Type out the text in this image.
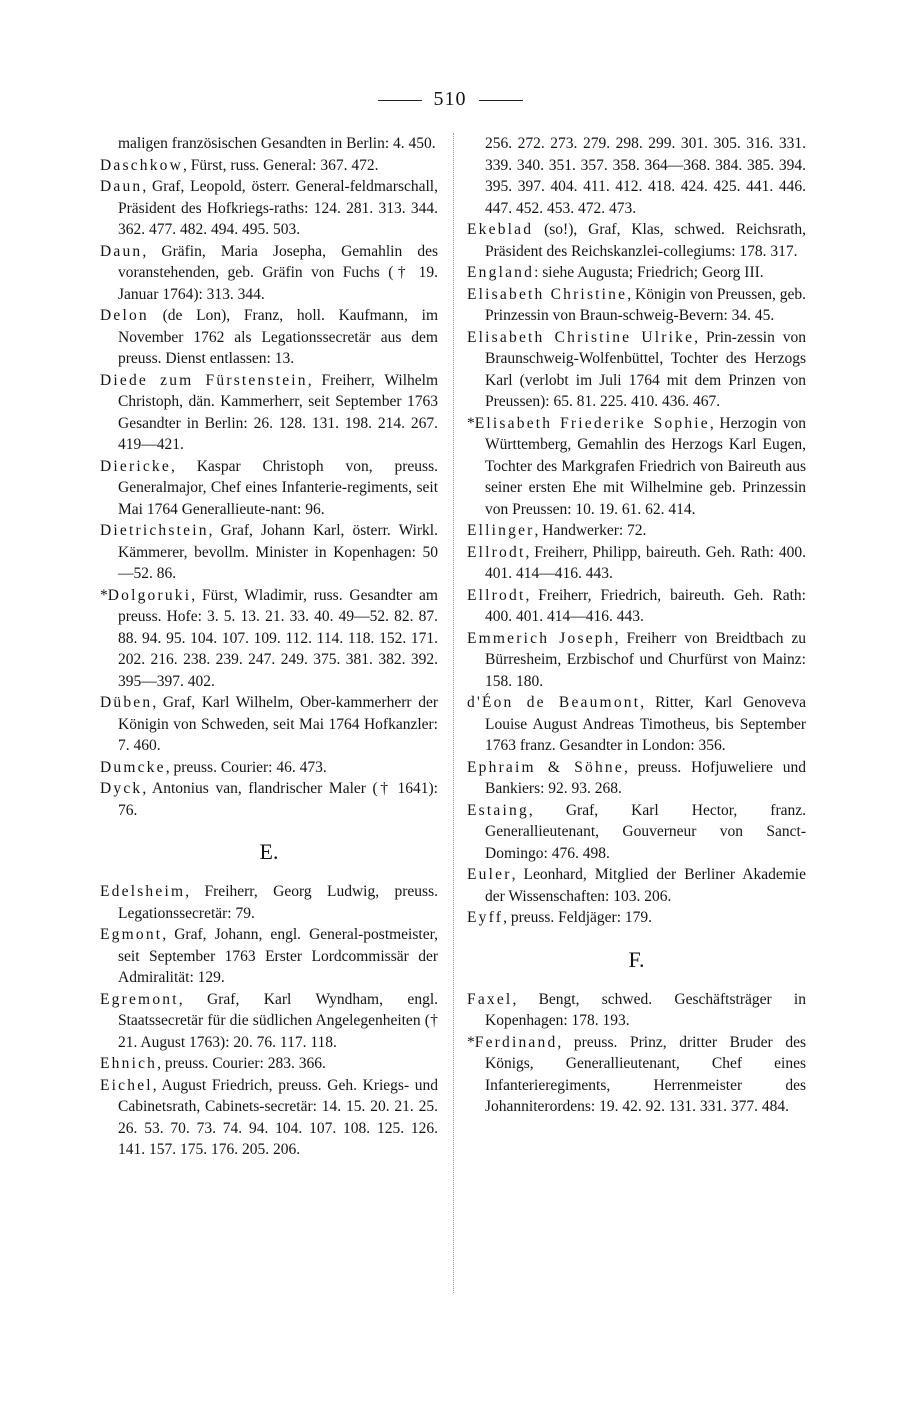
510

maligen französischen Gesandten in Berlin: 4. 450.

Daschkow, Fürst, russ. General: 367. 472.

Daun, Graf, Leopold, österr. General-feldmarschall, Präsident des Hofkriegs-raths: 124. 281. 313. 344. 362. 477. 482. 494. 495. 503.

Daun, Gräfin, Maria Josepha, Gemahlin des voranstehenden, geb. Gräfin von Fuchs († 19. Januar 1764): 313. 344.

Delon (de Lon), Franz, holl. Kaufmann, im November 1762 als Legationssecretär aus dem preuss. Dienst entlassen: 13.

Diede zum Fürstenstein, Freiherr, Wilhelm Christoph, dän. Kammerherr, seit September 1763 Gesandter in Berlin: 26. 128. 131. 198. 214. 267. 419—421.

Diericke, Kaspar Christoph von, preuss. Generalmajor, Chef eines Infanterie-regiments, seit Mai 1764 Generallieute-nant: 96.

Dietrichstein, Graf, Johann Karl, österr. Wirkl. Kämmerer, bevollm. Minister in Kopenhagen: 50—52. 86.

*Dolgoruki, Fürst, Wladimir, russ. Gesandter am preuss. Hofe: 3. 5. 13. 21. 33. 40. 49—52. 82. 87. 88. 94. 95. 104. 107. 109. 112. 114. 118. 152. 171. 202. 216. 238. 239. 247. 249. 375. 381. 382. 392. 395—397. 402.

Düben, Graf, Karl Wilhelm, Ober-kammerherr der Königin von Schweden, seit Mai 1764 Hofkanzler: 7. 460.

Dumcke, preuss. Courier: 46. 473.

Dyck, Antonius van, flandrischer Maler († 1641): 76.

E.

Edelsheim, Freiherr, Georg Ludwig, preuss. Legationssecretär: 79.

Egmont, Graf, Johann, engl. General-postmeister, seit September 1763 Erster Lordcommissär der Admiralität: 129.

Egremont, Graf, Karl Wyndham, engl. Staatssecretär für die südlichen Angelegenheiten († 21. August 1763): 20. 76. 117. 118.

Ehnich, preuss. Courier: 283. 366.

Eichel, August Friedrich, preuss. Geh. Kriegs- und Cabinetsrath, Cabinets-secretär: 14. 15. 20. 21. 25. 26. 53. 70. 73. 74. 94. 104. 107. 108. 125. 126. 141. 157. 175. 176. 205. 206.

256. 272. 273. 279. 298. 299. 301. 305. 316. 331. 339. 340. 351. 357. 358. 364—368. 384. 385. 394. 395. 397. 404. 411. 412. 418. 424. 425. 441. 446. 447. 452. 453. 472. 473.

Ekeblad (so!), Graf, Klas, schwed. Reichsrath, Präsident des Reichskanzlei-collegiums: 178. 317.

England: siehe Augusta; Friedrich; Georg III.

Elisabeth Christine, Königin von Preussen, geb. Prinzessin von Braun-schweig-Bevern: 34. 45.

Elisabeth Christine Ulrike, Prin-zessin von Braunschweig-Wolfenbüttel, Tochter des Herzogs Karl (verlobt im Juli 1764 mit dem Prinzen von Preussen): 65. 81. 225. 410. 436. 467.

*Elisabeth Friederike Sophie, Herzogin von Württemberg, Gemahlin des Herzogs Karl Eugen, Tochter des Markgrafen Friedrich von Baireuth aus seiner ersten Ehe mit Wilhelmine geb. Prinzessin von Preussen: 10. 19. 61. 62. 414.

Ellinger, Handwerker: 72.

Ellrodt, Freiherr, Philipp, baireuth. Geh. Rath: 400. 401. 414—416. 443.

Ellrodt, Freiherr, Friedrich, baireuth. Geh. Rath: 400. 401. 414—416. 443.

Emmerich Joseph, Freiherr von Breidtbach zu Bürresheim, Erzbischof und Churfürst von Mainz: 158. 180.

d'Éon de Beaumont, Ritter, Karl Genoveva Louise August Andreas Timotheus, bis September 1763 franz. Gesandter in London: 356.

Ephraim & Söhne, preuss. Hofjuweliere und Bankiers: 92. 93. 268.

Estaing, Graf, Karl Hector, franz. Generallieutenant, Gouverneur von Sanct-Domingo: 476. 498.

Euler, Leonhard, Mitglied der Berliner Akademie der Wissenschaften: 103. 206.

Eyff, preuss. Feldjäger: 179.

F.

Faxel, Bengt, schwed. Geschäftsträger in Kopenhagen: 178. 193.

*Ferdinand, preuss. Prinz, dritter Bruder des Königs, Generallieutenant, Chef eines Infanterieregiments, Herrenmeister des Johanniterordens: 19. 42. 92. 131. 331. 377. 484.
